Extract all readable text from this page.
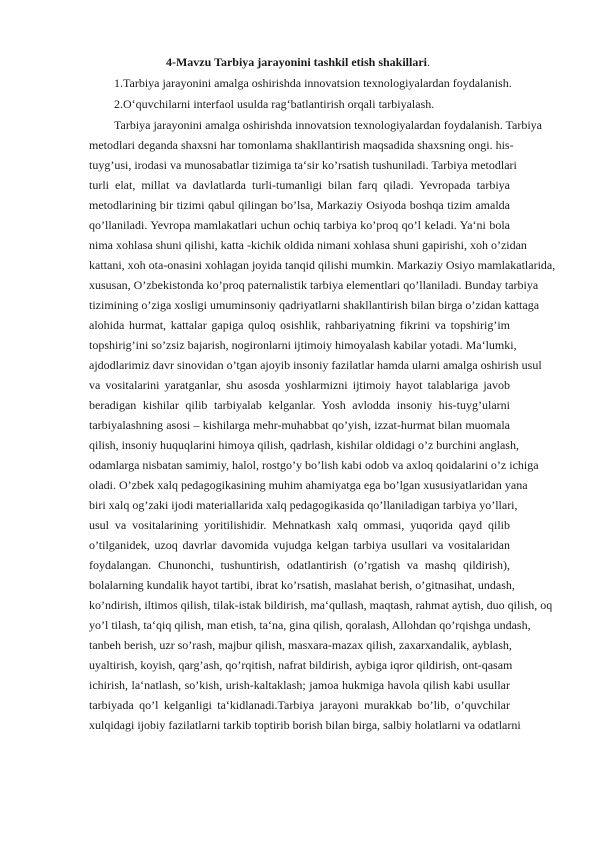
4-Mavzu Tarbiya jarayonini tashkil etish shakillari.
1.Tarbiya jarayonini amalga oshirishda innovatsion texnologiyalardan foydalanish.
2.O‘quvchilarni interfaol usulda rag‘batlantirish orqali tarbiyalash.
Tarbiya jarayonini amalga oshirishda innovatsion texnologiyalardan foydalanish. Tarbiya
metodlari deganda shaxsni har tomonlama shakllantirish maqsadida shaxsning ongi. his-
tuyg’usi, irodasi va munosabatlar tizimiga ta‘sir ko’rsatish tushuniladi. Tarbiya metodlari
turli elat, millat va davlatlarda turli-tumanligi bilan farq qiladi. Yevropada tarbiya
metodlarining bir tizimi qabul qilingan bo’lsa, Markaziy Osiyoda boshqa tizim amalda
qo’llaniladi. Yevropa mamlakatlari uchun ochiq tarbiya ko’proq qo’l keladi. Ya‘ni bola
nima xohlasa shuni qilishi, katta -kichik oldida nimani xohlasa shuni gapirishi, xoh o’zidan
kattani, xoh ota-onasini xohlagan joyida tanqid qilishi mumkin. Markaziy Osiyo mamlakatlarida,
xususan, O’zbekistonda ko’proq paternalistik tarbiya elementlari qo’llaniladi. Bunday tarbiya
tizimining o’ziga xosligi umuminsoniy qadriyatlarni shakllantirish bilan birga o’zidan kattaga
alohida hurmat, kattalar gapiga quloq osishlik, rahbariyatning fikrini va topshirig’im
topshirig’ini so’zsiz bajarish, nogironlarni ijtimoiy himoyalash kabilar yotadi. Ma‘lumki,
ajdodlarimiz davr sinovidan o’tgan ajoyib insoniy fazilatlar hamda ularni amalga oshirish usul
va vositalarini yaratganlar, shu asosda yoshlarmizni ijtimoiy hayot talablariga javob
beradigan kishilar qilib tarbiyalab kelganlar. Yosh avlodda insoniy his-tuyg’ularni
tarbiyalashning asosi – kishilarga mehr-muhabbat qo’yish, izzat-hurmat bilan muomala
qilish, insoniy huquqlarini himoya qilish, qadrlash, kishilar oldidagi o’z burchini anglash,
odamlarga nisbatan samimiy, halol, rostgo’y bo’lish kabi odob va axloq qoidalarini o’z ichiga
oladi. O’zbek xalq pedagogikasining muhim ahamiyatga ega bo’lgan xususiyatlaridan yana
biri xalq og’zaki ijodi materiallarida xalq pedagogikasida qo’llaniladigan tarbiya yo’llari,
usul va vositalarining yoritilishidir. Mehnatkash xalq ommasi, yuqorida qayd qilib
o’tilganidek, uzoq davrlar davomida vujudga kelgan tarbiya usullari va vositalaridan
foydalangan. Chunonchi, tushuntirish, odatlantirish (o’rgatish va mashq qildirish),
bolalarning kundalik hayot tartibi, ibrat ko’rsatish, maslahat berish, o’gitnasihat, undash,
ko’ndirish, iltimos qilish, tilak-istak bildirish, ma‘qullash, maqtash, rahmat aytish, duo qilish, oq
yo’l tilash, ta‘qiq qilish, man etish, ta‘na, gina qilish, qoralash, Allohdan qo’rqishga undash,
tanbeh berish, uzr so’rash, majbur qilish, masxara-mazax qilish, zaxarxandalik, ayblash,
uyaltirish, koyish, qarg’ash, qo’rqitish, nafrat bildirish, aybiga iqror qildirish, ont-qasam
ichirish, la‘natlash, so’kish, urish-kaltaklash; jamoa hukmiga havola qilish kabi usullar
tarbiyada qo’l kelganligi ta‘kidlanadi.Tarbiya jarayoni murakkab bo’lib, o’quvchilar
xulqidagi ijobiy fazilatlarni tarkib toptirib borish bilan birga, salbiy holatlarni va odatlarni
